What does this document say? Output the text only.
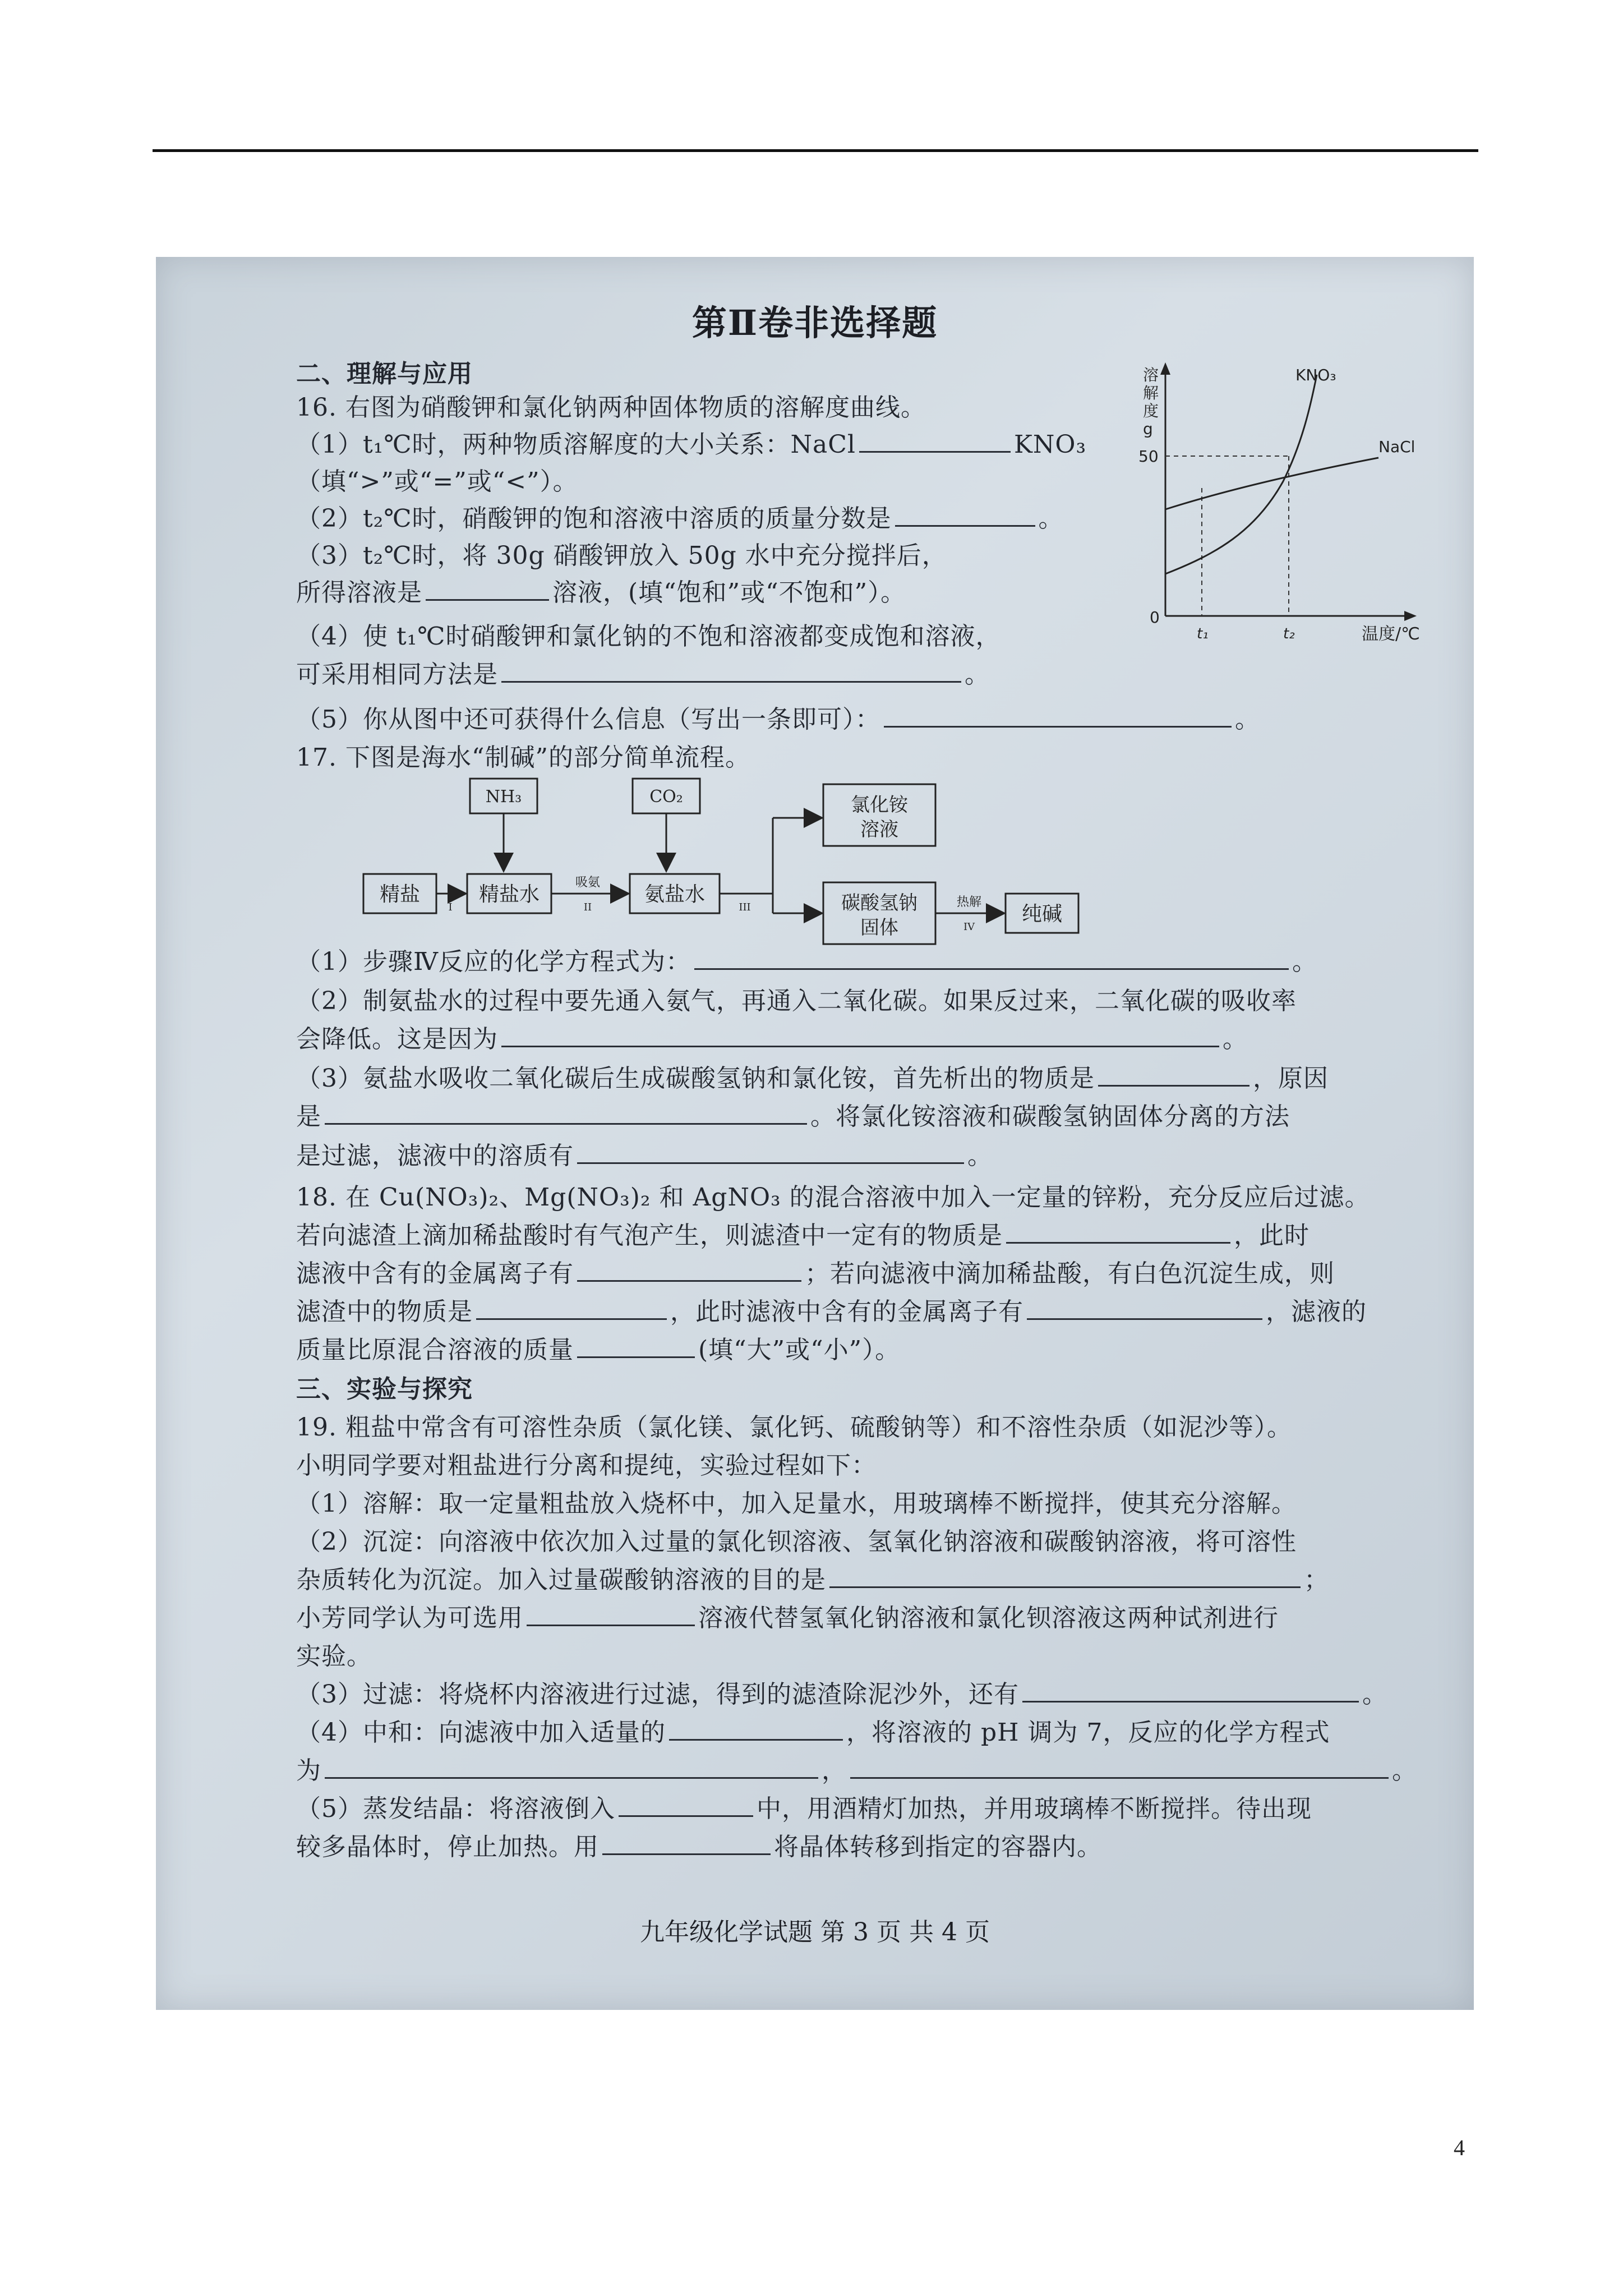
第Ⅱ卷非选择题
二、理解与应用
16. 右图为硝酸钾和氯化钠两种固体物质的溶解度曲线。
（1）t₁℃时，两种物质溶解度的大小关系：NaCl	KNO₃
（填“>”或“=”或“<”）。
（2）t₂℃时，硝酸钾的饱和溶液中溶质的质量分数是	。
（3）t₂℃时，将 30g 硝酸钾放入 50g 水中充分搅拌后，
所得溶液是	溶液，(填“饱和”或“不饱和”）。
（4）使 t₁℃时硝酸钾和氯化钠的不饱和溶液都变成饱和溶液，
可采用相同方法是	。
（5）你从图中还可获得什么信息（写出一条即可）：	。
溶解度 g
KNO₃
NaCl
50
0
t₁	t₂	温度/℃
17. 下图是海水“制碱”的部分简单流程。
NH₃	CO₂
精盐
I
精盐水
吸氨
II
氨盐水
III
氯化铵
溶液
碳酸氢钠
固体
热解
IV
纯碱
（1）步骤Ⅳ反应的化学方程式为：	。
（2）制氨盐水的过程中要先通入氨气，再通入二氧化碳。如果反过来，二氧化碳的吸收率
会降低。这是因为	。
（3）氨盐水吸收二氧化碳后生成碳酸氢钠和氯化铵，首先析出的物质是	，原因
是	。将氯化铵溶液和碳酸氢钠固体分离的方法
是过滤，滤液中的溶质有	。
18. 在 Cu(NO₃)₂、Mg(NO₃)₂ 和 AgNO₃ 的混合溶液中加入一定量的锌粉，充分反应后过滤。
若向滤渣上滴加稀盐酸时有气泡产生，则滤渣中一定有的物质是	，此时
滤液中含有的金属离子有	；若向滤液中滴加稀盐酸，有白色沉淀生成，则
滤渣中的物质是	，此时滤液中含有的金属离子有	，滤液的
质量比原混合溶液的质量	(填“大”或“小”）。
三、实验与探究
19. 粗盐中常含有可溶性杂质（氯化镁、氯化钙、硫酸钠等）和不溶性杂质（如泥沙等）。
小明同学要对粗盐进行分离和提纯，实验过程如下：
（1）溶解：取一定量粗盐放入烧杯中，加入足量水，用玻璃棒不断搅拌，使其充分溶解。
（2）沉淀：向溶液中依次加入过量的氯化钡溶液、氢氧化钠溶液和碳酸钠溶液，将可溶性
杂质转化为沉淀。加入过量碳酸钠溶液的目的是	；
小芳同学认为可选用	溶液代替氢氧化钠溶液和氯化钡溶液这两种试剂进行
实验。
（3）过滤：将烧杯内溶液进行过滤，得到的滤渣除泥沙外，还有	。
（4）中和：向滤液中加入适量的	，将溶液的 pH 调为 7，反应的化学方程式
为	，	。
（5）蒸发结晶：将溶液倒入	中，用酒精灯加热，并用玻璃棒不断搅拌。待出现
较多晶体时，停止加热。用	将晶体转移到指定的容器内。
九年级化学试题 第 3 页 共 4 页
4
